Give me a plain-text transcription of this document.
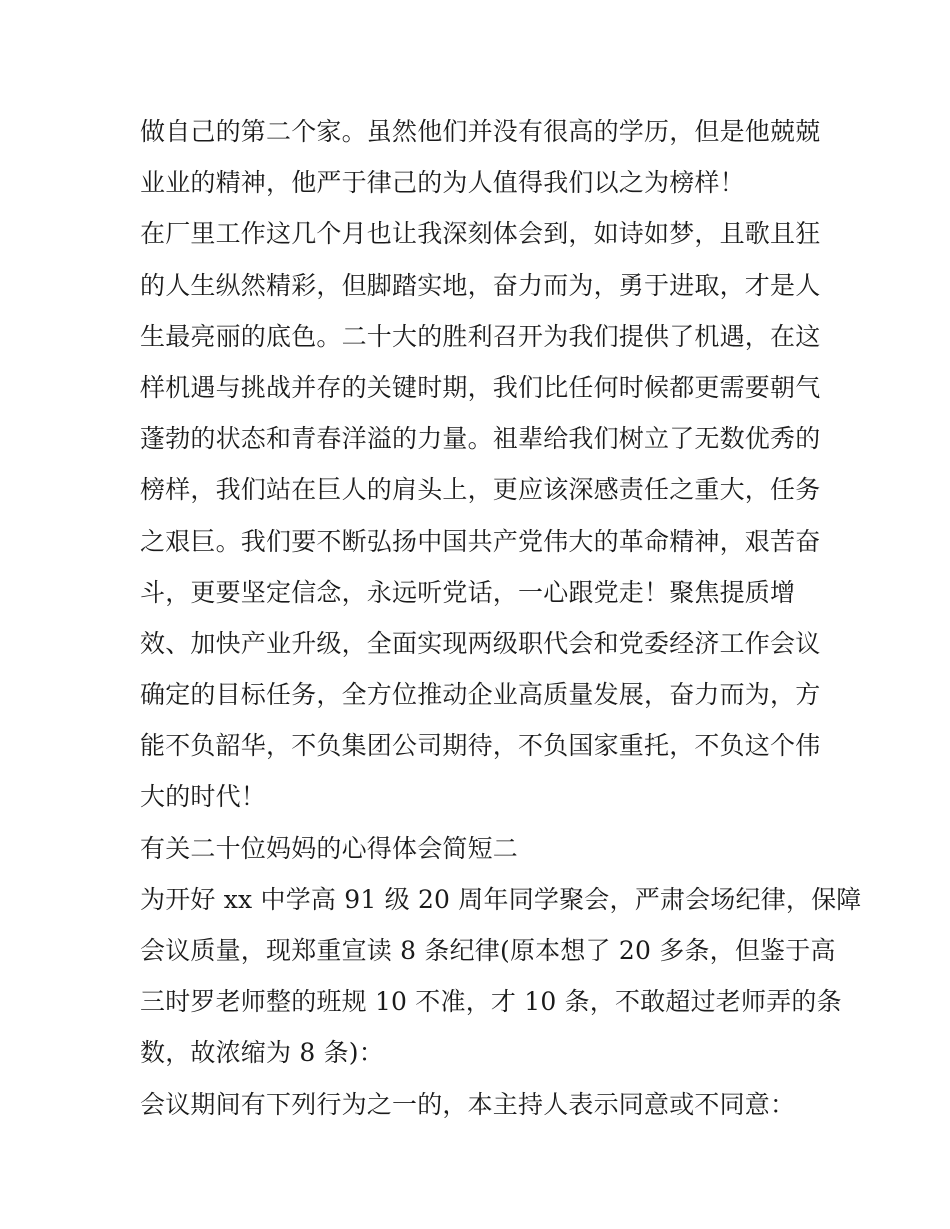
做自己的第二个家。虽然他们并没有很高的学历，但是他兢兢
业业的精神，他严于律己的为人值得我们以之为榜样！
在厂里工作这几个月也让我深刻体会到，如诗如梦，且歌且狂
的人生纵然精彩，但脚踏实地，奋力而为，勇于进取，才是人
生最亮丽的底色。二十大的胜利召开为我们提供了机遇，在这
样机遇与挑战并存的关键时期，我们比任何时候都更需要朝气
蓬勃的状态和青春洋溢的力量。祖辈给我们树立了无数优秀的
榜样，我们站在巨人的肩头上，更应该深感责任之重大，任务
之艰巨。我们要不断弘扬中国共产党伟大的革命精神，艰苦奋
斗，更要坚定信念，永远听党话，一心跟党走！聚焦提质增
效、加快产业升级，全面实现两级职代会和党委经济工作会议
确定的目标任务，全方位推动企业高质量发展，奋力而为，方
能不负韶华，不负集团公司期待，不负国家重托，不负这个伟
大的时代！
有关二十位妈妈的心得体会简短二
为开好 xx 中学高 91 级 20 周年同学聚会，严肃会场纪律，保障
会议质量，现郑重宣读 8 条纪律(原本想了 20 多条，但鉴于高
三时罗老师整的班规 10 不准，才 10 条，不敢超过老师弄的条
数，故浓缩为 8 条)：
会议期间有下列行为之一的，本主持人表示同意或不同意：
